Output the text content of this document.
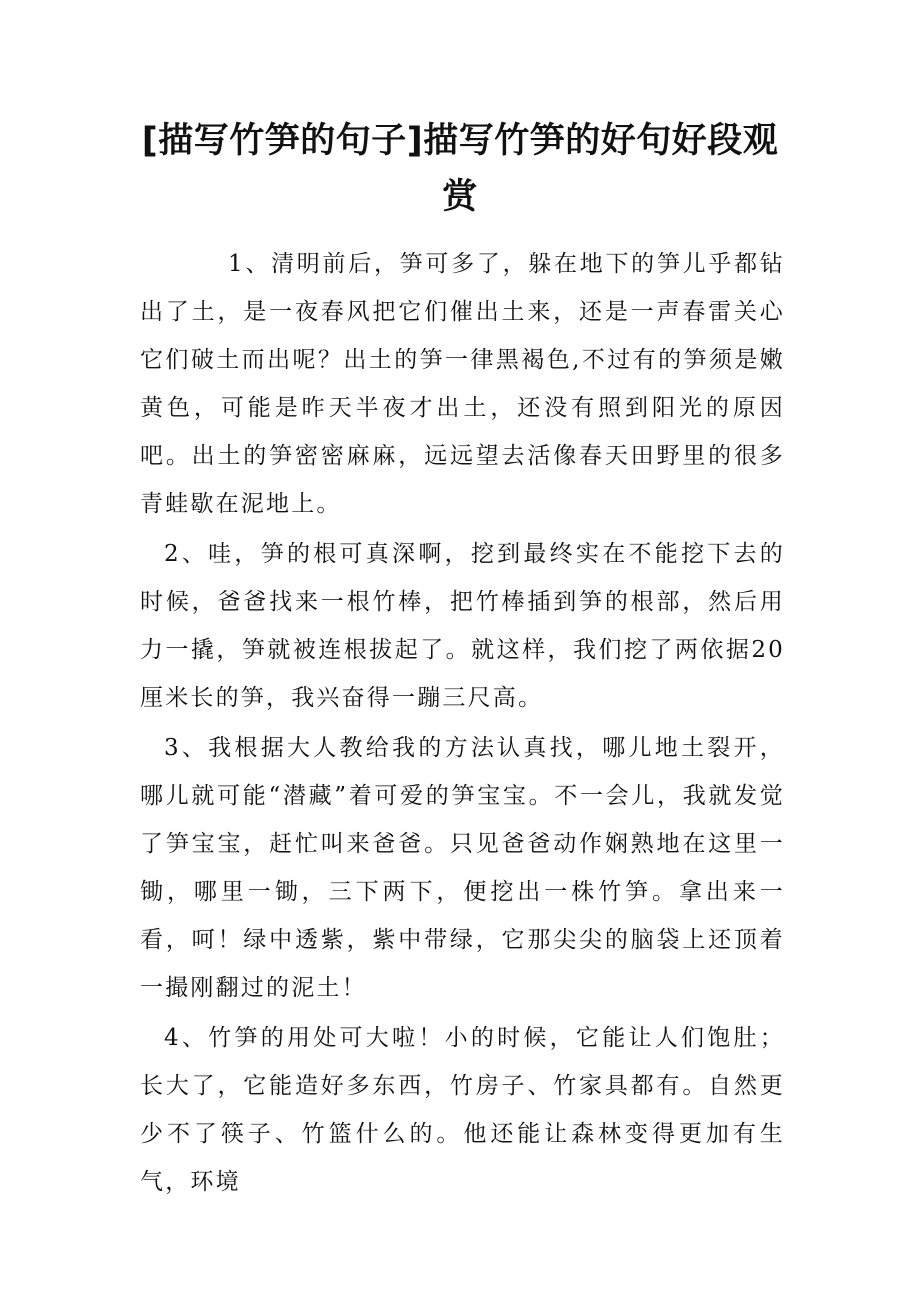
[描写竹笋的句子]描写竹笋的好句好段观赏

1、清明前后，笋可多了，躲在地下的笋儿乎都钻出了土，是一夜春风把它们催出土来，还是一声春雷关心它们破土而出呢？出土的笋一律黑褐色,不过有的笋须是嫩黄色，可能是昨天半夜才出土，还没有照到阳光的原因吧。出土的笋密密麻麻，远远望去活像春天田野里的很多青蛙歇在泥地上。

2、哇，笋的根可真深啊，挖到最终实在不能挖下去的时候，爸爸找来一根竹棒，把竹棒插到笋的根部，然后用力一撬，笋就被连根拔起了。就这样，我们挖了两依据20厘米长的笋，我兴奋得一蹦三尺高。

3、我根据大人教给我的方法认真找，哪儿地土裂开，哪儿就可能“潜藏”着可爱的笋宝宝。不一会儿，我就发觉了笋宝宝，赶忙叫来爸爸。只见爸爸动作娴熟地在这里一锄，哪里一锄，三下两下，便挖出一株竹笋。拿出来一看，呵！绿中透紫，紫中带绿，它那尖尖的脑袋上还顶着一撮刚翻过的泥土！

4、竹笋的用处可大啦！小的时候，它能让人们饱肚；长大了，它能造好多东西，竹房子、竹家具都有。自然更少不了筷子、竹篮什么的。他还能让森林变得更加有生气，环境
